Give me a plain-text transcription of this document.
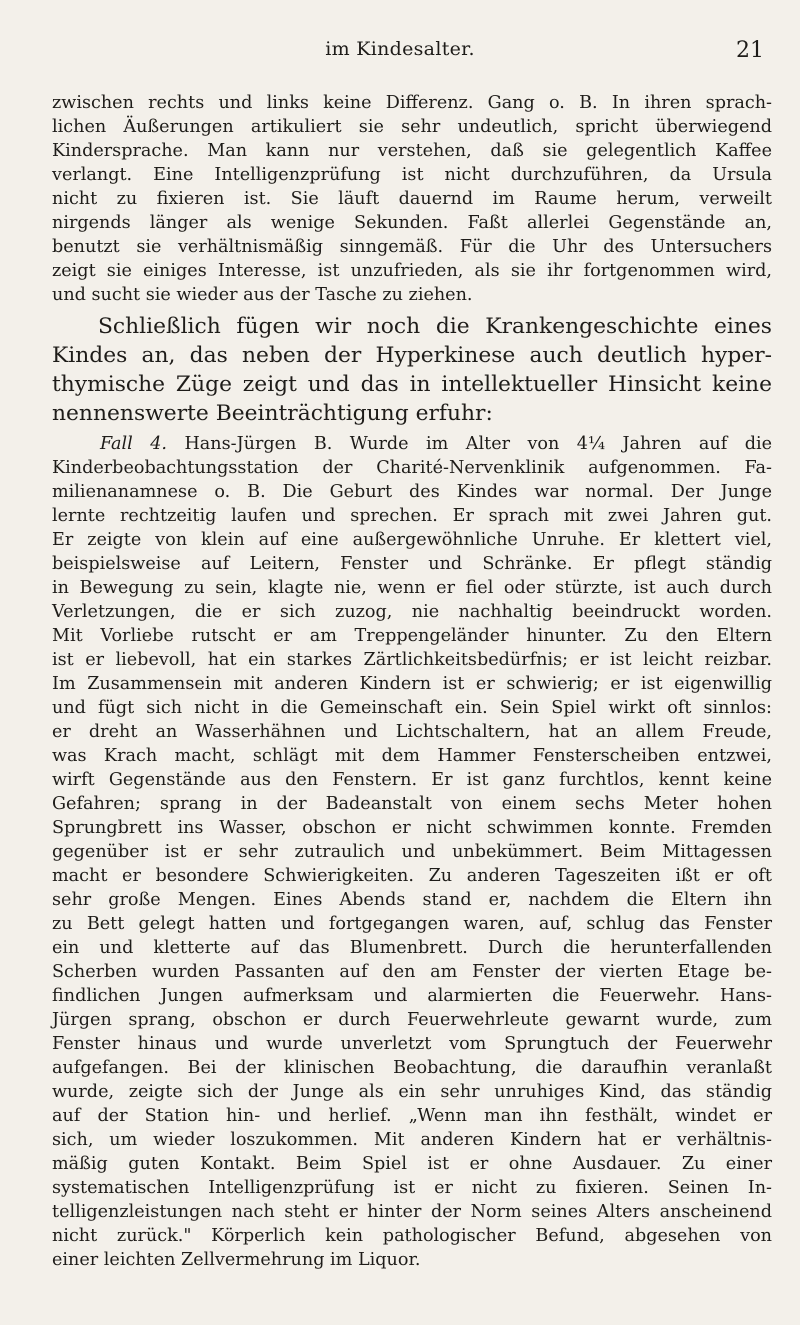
im Kindesalter.	21
zwischen rechts und links keine Differenz. Gang o. B. In ihren sprach-
lichen Äußerungen artikuliert sie sehr undeutlich, spricht überwiegend
Kindersprache. Man kann nur verstehen, daß sie gelegentlich Kaffee
verlangt. Eine Intelligenzprüfung ist nicht durchzuführen, da Ursula
nicht zu fixieren ist. Sie läuft dauernd im Raume herum, verweilt
nirgends länger als wenige Sekunden. Faßt allerlei Gegenstände an,
benutzt sie verhältnismäßig sinngemäß. Für die Uhr des Untersuchers
zeigt sie einiges Interesse, ist unzufrieden, als sie ihr fortgenommen wird,
und sucht sie wieder aus der Tasche zu ziehen.
Schließlich fügen wir noch die Krankengeschichte eines
Kindes an, das neben der Hyperkinese auch deutlich hyper-
thymische Züge zeigt und das in intellektueller Hinsicht keine
nennenswerte Beeinträchtigung erfuhr:
Fall 4. Hans-Jürgen B. Wurde im Alter von 4¼ Jahren auf die
Kinderbeobachtungsstation der Charité-Nervenklinik aufgenommen. Fa-
milienanamnese o. B. Die Geburt des Kindes war normal. Der Junge
lernte rechtzeitig laufen und sprechen. Er sprach mit zwei Jahren gut.
Er zeigte von klein auf eine außergewöhnliche Unruhe. Er klettert viel,
beispielsweise auf Leitern, Fenster und Schränke. Er pflegt ständig
in Bewegung zu sein, klagte nie, wenn er fiel oder stürzte, ist auch durch
Verletzungen, die er sich zuzog, nie nachhaltig beeindruckt worden.
Mit Vorliebe rutscht er am Treppengeländer hinunter. Zu den Eltern
ist er liebevoll, hat ein starkes Zärtlichkeitsbedürfnis; er ist leicht reizbar.
Im Zusammensein mit anderen Kindern ist er schwierig; er ist eigenwillig
und fügt sich nicht in die Gemeinschaft ein. Sein Spiel wirkt oft sinnlos:
er dreht an Wasserhähnen und Lichtschaltern, hat an allem Freude,
was Krach macht, schlägt mit dem Hammer Fensterscheiben entzwei,
wirft Gegenstände aus den Fenstern. Er ist ganz furchtlos, kennt keine
Gefahren; sprang in der Badeanstalt von einem sechs Meter hohen
Sprungbrett ins Wasser, obschon er nicht schwimmen konnte. Fremden
gegenüber ist er sehr zutraulich und unbekümmert. Beim Mittagessen
macht er besondere Schwierigkeiten. Zu anderen Tageszeiten ißt er oft
sehr große Mengen. Eines Abends stand er, nachdem die Eltern ihn
zu Bett gelegt hatten und fortgegangen waren, auf, schlug das Fenster
ein und kletterte auf das Blumenbrett. Durch die herunterfallenden
Scherben wurden Passanten auf den am Fenster der vierten Etage be-
findlichen Jungen aufmerksam und alarmierten die Feuerwehr. Hans-
Jürgen sprang, obschon er durch Feuerwehrleute gewarnt wurde, zum
Fenster hinaus und wurde unverletzt vom Sprungtuch der Feuerwehr
aufgefangen. Bei der klinischen Beobachtung, die daraufhin veranlaßt
wurde, zeigte sich der Junge als ein sehr unruhiges Kind, das ständig
auf der Station hin- und herlief. „Wenn man ihn festhält, windet er
sich, um wieder loszukommen. Mit anderen Kindern hat er verhältnis-
mäßig guten Kontakt. Beim Spiel ist er ohne Ausdauer. Zu einer
systematischen Intelligenzprüfung ist er nicht zu fixieren. Seinen In-
telligenzleistungen nach steht er hinter der Norm seines Alters anscheinend
nicht zurück." Körperlich kein pathologischer Befund, abgesehen von
einer leichten Zellvermehrung im Liquor.
